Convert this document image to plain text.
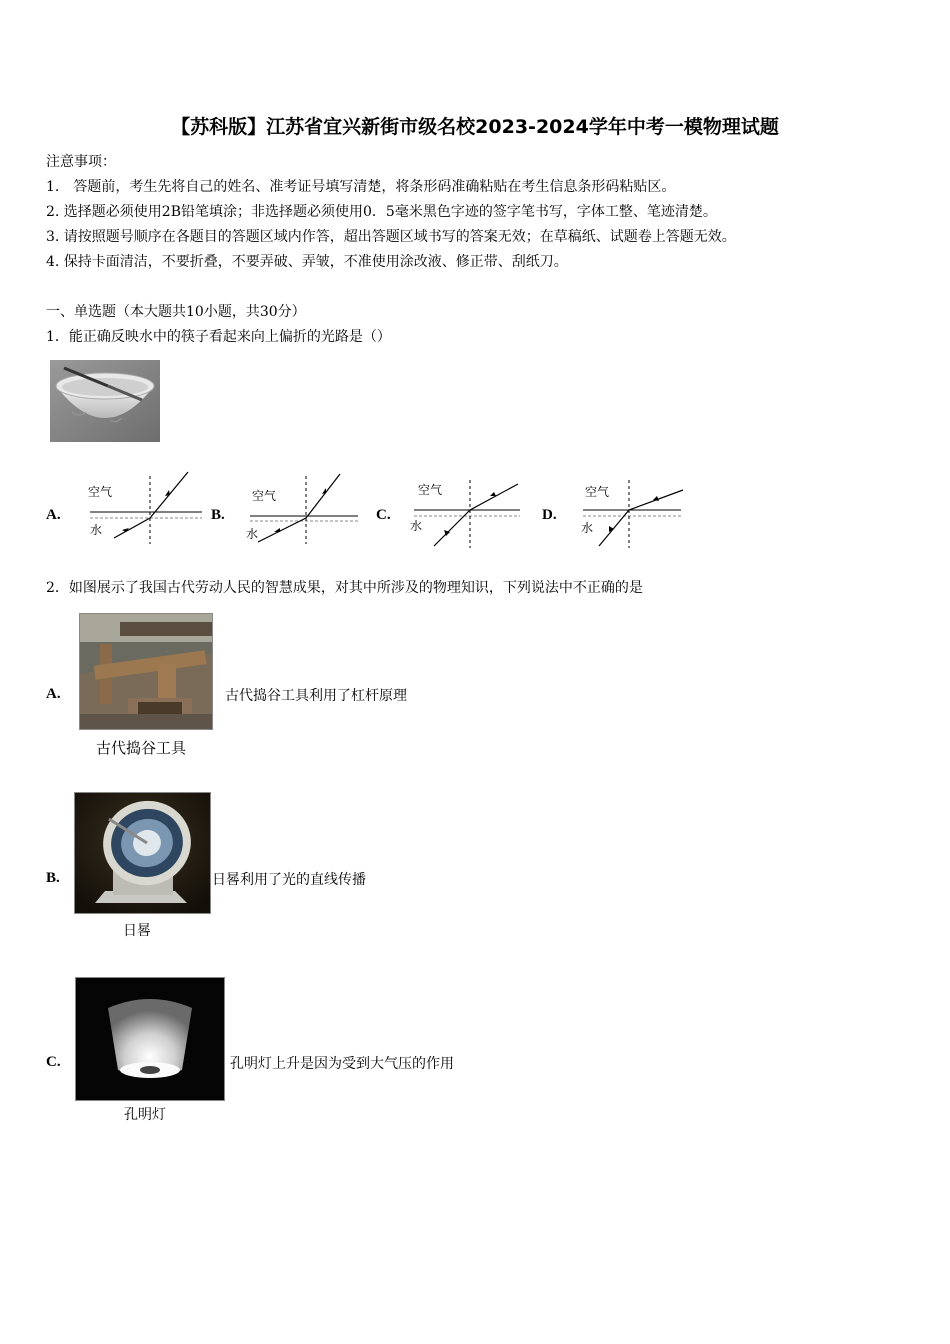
【苏科版】江苏省宜兴新街市级名校2023-2024学年中考一模物理试题
注意事项：
1.　答题前，考生先将自己的姓名、准考证号填写清楚，将条形码准确粘贴在考生信息条形码粘贴区。
2. 选择题必须使用2B铅笔填涂；非选择题必须使用0．5毫米黑色字迹的签字笔书写，字体工整、笔迹清楚。
3. 请按照题号顺序在各题目的答题区域内作答，超出答题区域书写的答案无效；在草稿纸、试题卷上答题无效。
4. 保持卡面清洁，不要折叠，不要弄破、弄皱，不准使用涂改液、修正带、刮纸刀。
一、单选题（本大题共10小题，共30分）
1．能正确反映水中的筷子看起来向上偏折的光路是（）
A.
空气
水
B.
空气
水
C.
空气
水
D.
空气
水
2．如图展示了我国古代劳动人民的智慧成果，对其中所涉及的物理知识，下列说法中不正确的是
A.
古代捣谷工具
古代捣谷工具利用了杠杆原理
B.
日晷
日晷利用了光的直线传播
C.
孔明灯
孔明灯上升是因为受到大气压的作用
